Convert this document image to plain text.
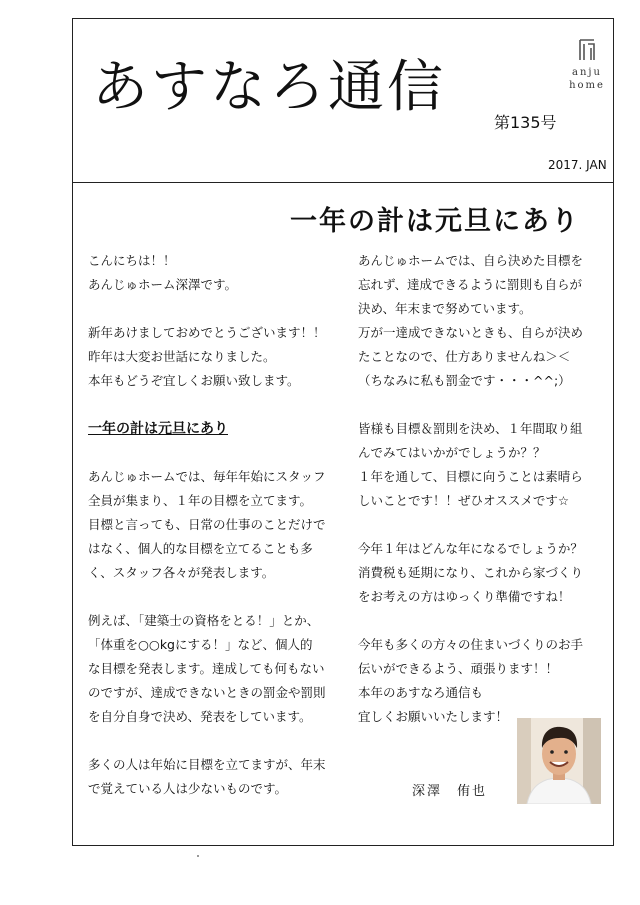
あすなろ通信
第135号
2017. JAN
anju
home
一年の計は元旦にあり

こんにちは！！

あんじゅホーム深澤です。

新年あけましておめでとうございます！！

昨年は大変お世話になりました。

本年もどうぞ宜しくお願い致します。

一年の計は元旦にあり

あんじゅホームでは、毎年年始にスタッフ

全員が集まり、１年の目標を立てます。

目標と言っても、日常の仕事のことだけで

はなく、個人的な目標を立てることも多

く、スタッフ各々が発表します。

例えば、「建築士の資格をとる！」とか、

「体重を○○kgにする！」など、個人的

な目標を発表します。達成しても何もない

のですが、達成できないときの罰金や罰則

を自分自身で決め、発表をしています。

多くの人は年始に目標を立てますが、年末

で覚えている人は少ないものです。

あんじゅホームでは、自ら決めた目標を

忘れず、達成できるように罰則も自らが

決め、年末まで努めています。

万が一達成できないときも、自らが決め

たことなので、仕方ありませんね＞＜

（ちなみに私も罰金です・・・^^;）

皆様も目標＆罰則を決め、１年間取り組

んでみてはいかがでしょうか？？

１年を通して、目標に向うことは素晴ら

しいことです！！ぜひオススメです☆

今年１年はどんな年になるでしょうか？

消費税も延期になり、これから家づくり

をお考えの方はゆっくり準備ですね！

今年も多くの方々の住まいづくりのお手

伝いができるよう、頑張ります！！

本年のあすなろ通信も

宜しくお願いいたします！

深澤　侑也
